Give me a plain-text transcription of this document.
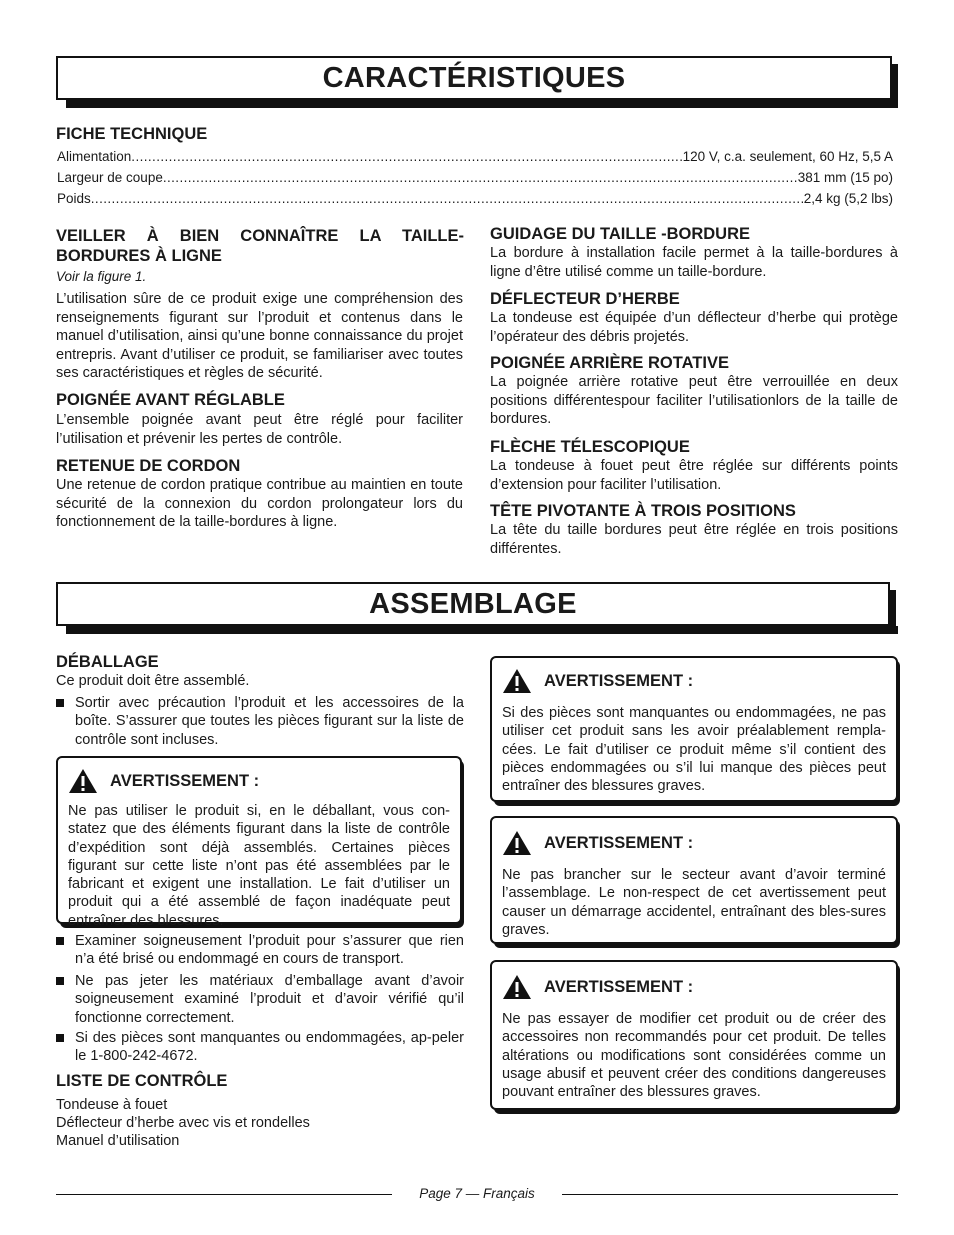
CARACTÉRISTIQUES
FICHE TECHNIQUE
Alimentation .....	120 V, c.a. seulement, 60 Hz, 5,5 A
Largeur de coupe .....	381 mm (15 po)
Poids .....	2,4 kg (5,2 lbs)
VEILLER À BIEN CONNAÎTRE LA TAILLE-BORDURES À LIGNE
Voir la figure 1.
L’utilisation sûre de ce produit exige une compréhension des renseignements figurant sur l’produit et contenus dans le manuel d’utilisation, ainsi qu’une bonne connaissance du projet entrepris. Avant d’utiliser ce produit, se familiariser avec toutes ses caractéristiques et règles de sécurité.
POIGNÉE AVANT RÉGLABLE
L’ensemble poignée avant peut être réglé pour faciliter l’utilisation et prévenir les pertes de contrôle.
RETENUE DE CORDON
Une retenue de cordon pratique contribue au maintien en toute sécurité de la connexion du cordon prolongateur lors du fonctionnement de la taille-bordures à ligne.
GUIDAGE DU TAILLE -BORDURE
La bordure à installation facile permet à la taille-bordures à ligne d’être utilisé comme un taille-bordure.
DÉFLECTEUR D’HERBE
La tondeuse est équipée d’un déflecteur d’herbe qui protège l’opérateur des débris projetés.
POIGNÉE ARRIÈRE ROTATIVE
La poignée arrière rotative peut être verrouillée en deux positions différentespour faciliter l’utilisationlors de la taille de bordures.
FLÈCHE TÉLESCOPIQUE
La tondeuse à fouet peut être réglée sur différents points d’extension pour faciliter l’utilisation.
TÊTE PIVOTANTE À TROIS POSITIONS
La tête du taille bordures peut être réglée en trois positions différentes.
ASSEMBLAGE
DÉBALLAGE
Ce produit doit être assemblé.
Sortir avec précaution l’produit et les accessoires de la boîte. S’assurer que toutes les pièces figurant sur la liste de contrôle sont incluses.
AVERTISSEMENT :
Ne pas utiliser le produit si, en le déballant, vous con-statez que des éléments figurant dans la liste de contrôle d’expédition sont déjà assemblés. Certaines pièces figurant sur cette liste n’ont pas été assemblées par le fabricant et exigent une installation. Le fait d’utiliser un produit qui a été assemblé de façon inadéquate peut entraîner des blessures.
Examiner soigneusement l’produit pour s’assurer que rien n’a été brisé ou endommagé en cours de transport.
Ne pas jeter les matériaux d’emballage avant d’avoir soigneusement examiné l’produit et d’avoir vérifié qu’il fonctionne correctement.
Si des pièces sont manquantes ou endommagées, ap-peler le 1-800-242-4672.
LISTE DE CONTRÔLE
Tondeuse à fouet
Déflecteur d’herbe avec vis et rondelles
Manuel d’utilisation
AVERTISSEMENT :
Si des pièces sont manquantes ou endommagées, ne pas utiliser cet produit sans les avoir préalablement rempla-cées. Le fait d’utiliser ce produit même s’il contient des pièces endommagées ou s’il lui manque des pièces peut entraîner des blessures graves.
AVERTISSEMENT :
Ne pas brancher sur le secteur avant d’avoir terminé l’assemblage. Le non-respect de cet avertissement peut causer un démarrage accidentel, entraînant des bles-sures graves.
AVERTISSEMENT :
Ne pas essayer de modifier cet produit ou de créer des accessoires non recommandés pour cet produit. De telles altérations ou modifications sont considérées comme un usage abusif et peuvent créer des conditions dangereuses pouvant entraîner des blessures graves.
Page 7 — Français
